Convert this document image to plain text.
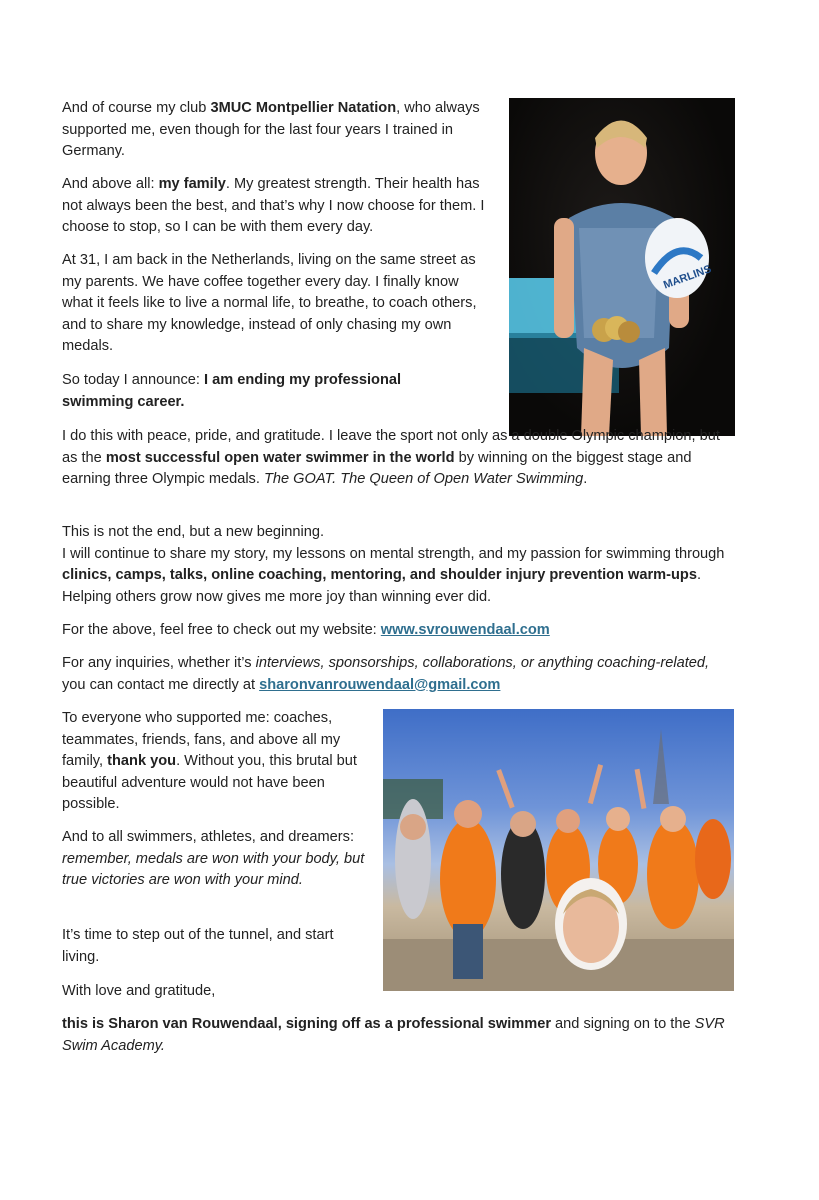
And of course my club 3MUC Montpellier Natation, who always supported me, even though for the last four years I trained in Germany.

And above all: my family. My greatest strength. Their health has not always been the best, and that’s why I now choose for them. I choose to stop, so I can be with them every day.

At 31, I am back in the Netherlands, living on the same street as my parents. We have coffee together every day. I finally know what it feels like to live a normal life, to breathe, to coach others, and to share my knowledge, instead of only chasing my own medals.

So today I announce: I am ending my professional swimming career.

MARLINS

I do this with peace, pride, and gratitude. I leave the sport not only as a double Olympic champion, but as the most successful open water swimmer in the world by winning on the biggest stage and earning three Olympic medals. The GOAT. The Queen of Open Water Swimming.

This is not the end, but a new beginning.
I will continue to share my story, my lessons on mental strength, and my passion for swimming through clinics, camps, talks, online coaching, mentoring, and shoulder injury prevention warm-ups. Helping others grow now gives me more joy than winning ever did.

For the above, feel free to check out my website: www.svrouwendaal.com

For any inquiries, whether it’s interviews, sponsorships, collaborations, or anything coaching-related, you can contact me directly at sharonvanrouwendaal@gmail.com

To everyone who supported me: coaches, teammates, friends, fans, and above all my family, thank you. Without you, this brutal but beautiful adventure would not have been possible.

And to all swimmers, athletes, and dreamers: remember, medals are won with your body, but true victories are won with your mind.

It’s time to step out of the tunnel, and start living.

With love and gratitude,

this is Sharon van Rouwendaal, signing off as a professional swimmer and signing on to the SVR Swim Academy.
